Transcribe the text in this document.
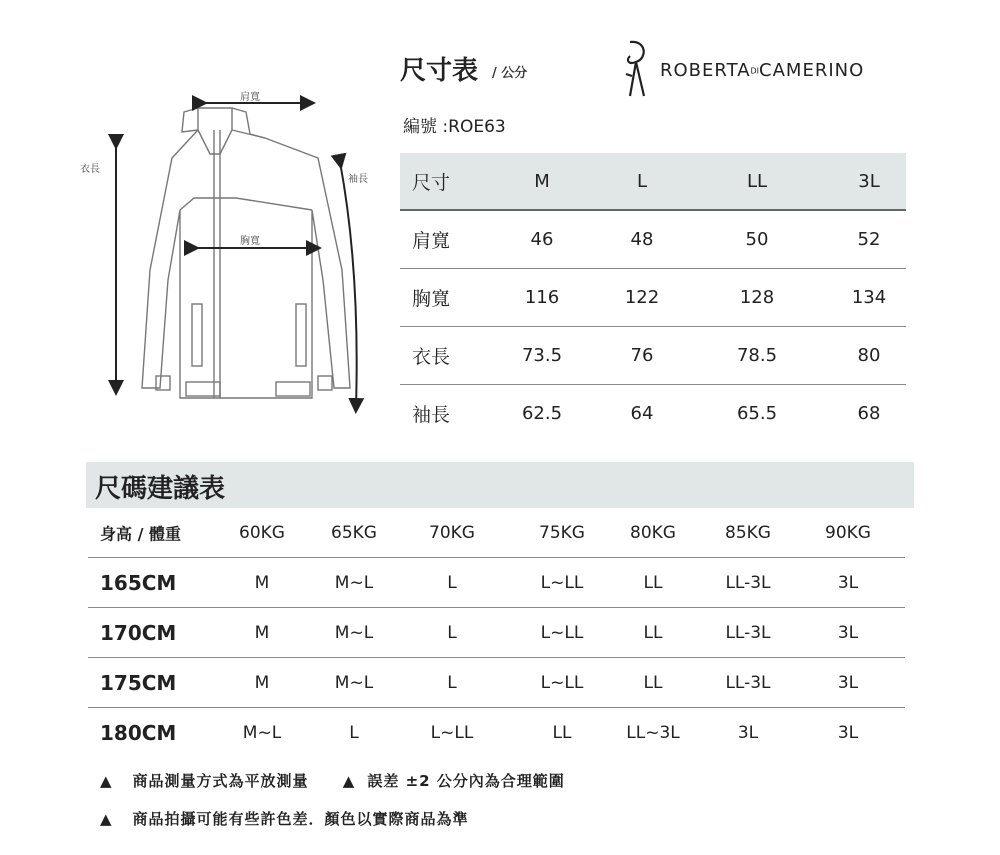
肩寬
胸寬
衣長
袖長
尺寸表 / 公分
編號 :ROE63
ROBERTADICAMERINO
尺寸	M	L	LL	3L
肩寬	46	48	50	52
胸寬	116	122	128	134
衣長	73.5	76	78.5	80
袖長	62.5	64	65.5	68
尺碼建議表
身高 / 體重	60KG	65KG	70KG	75KG	80KG	85KG	90KG
165CM	M	M~L	L	L~LL	LL	LL-3L	3L
170CM	M	M~L	L	L~LL	LL	LL-3L	3L
175CM	M	M~L	L	L~LL	LL	LL-3L	3L
180CM	M~L	L	L~LL	LL	LL~3L	3L	3L
▲ 商品測量方式為平放測量 ▲ 誤差 ±2 公分內為合理範圍
▲ 商品拍攝可能有些許色差．顏色以實際商品為準
